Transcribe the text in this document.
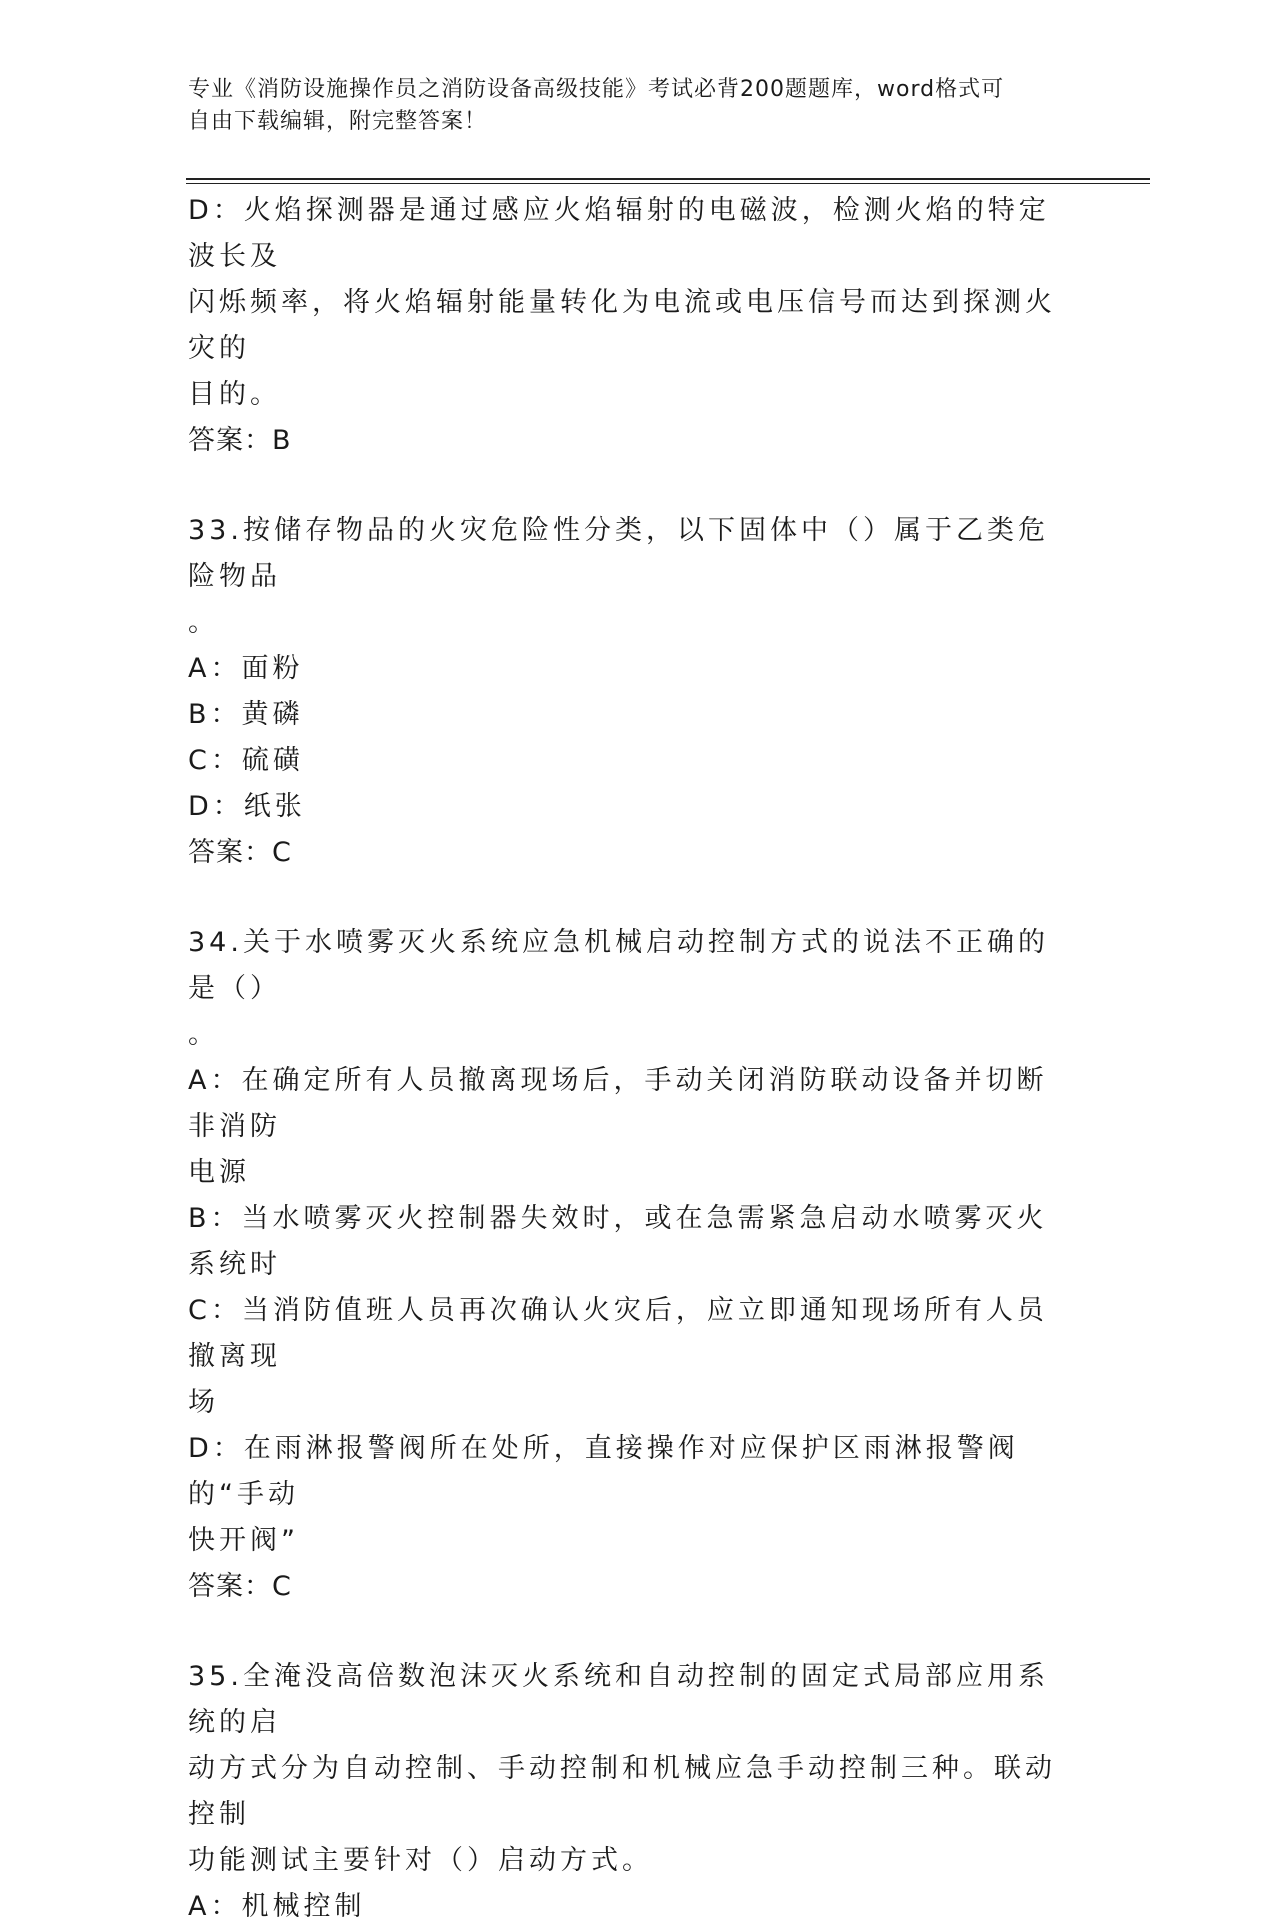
专业《消防设施操作员之消防设备高级技能》考试必背200题题库，word格式可
自由下载编辑，附完整答案！
D：火焰探测器是通过感应火焰辐射的电磁波，检测火焰的特定波长及
闪烁频率，将火焰辐射能量转化为电流或电压信号而达到探测火灾的
目的。
答案：B
33.按储存物品的火灾危险性分类，以下固体中（）属于乙类危险物品
。
A：面粉
B：黄磷
C：硫磺
D：纸张
答案：C
34.关于水喷雾灭火系统应急机械启动控制方式的说法不正确的是（）
。
A：在确定所有人员撤离现场后，手动关闭消防联动设备并切断非消防
电源
B：当水喷雾灭火控制器失效时，或在急需紧急启动水喷雾灭火系统时
C：当消防值班人员再次确认火灾后，应立即通知现场所有人员撤离现
场
D：在雨淋报警阀所在处所，直接操作对应保护区雨淋报警阀的“手动
快开阀”
答案：C
35.全淹没高倍数泡沫灭火系统和自动控制的固定式局部应用系统的启
动方式分为自动控制、手动控制和机械应急手动控制三种。联动控制
功能测试主要针对（）启动方式。
A：机械控制
